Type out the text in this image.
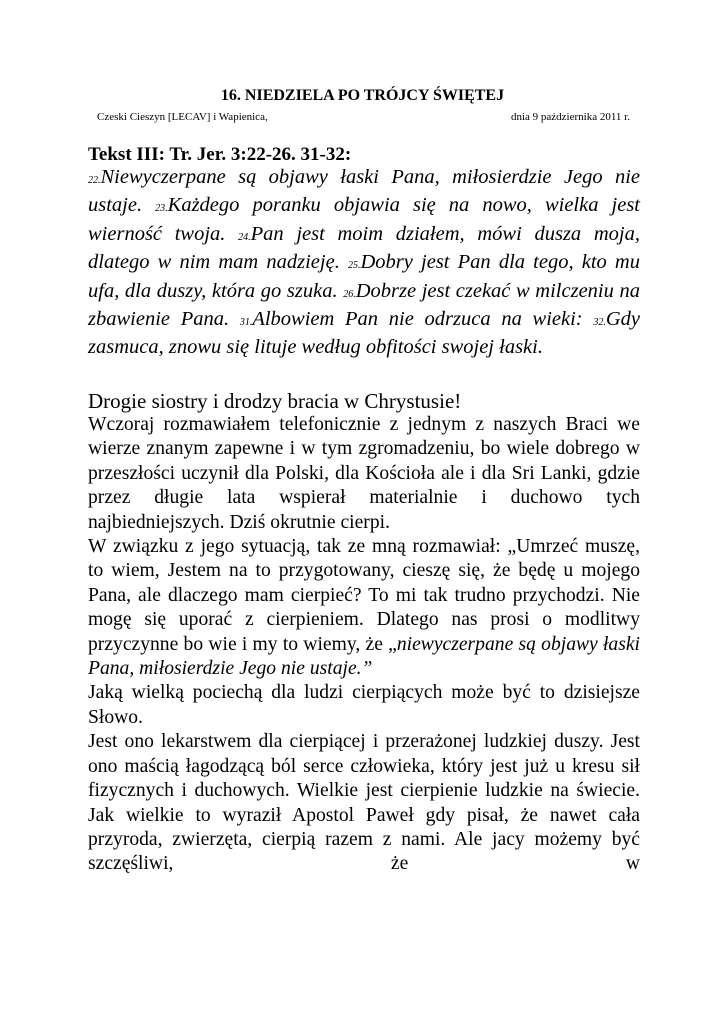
16. NIEDZIELA PO TRÓJCY ŚWIĘTEJ
Czeski Cieszyn [LECAV] i Wapienica,	dnia 9 października 2011 r.
Tekst III: Tr. Jer. 3:22-26. 31-32:
22.Niewyczerpane są objawy łaski Pana, miłosierdzie Jego nie ustaje. 23.Każdego poranku objawia się na nowo, wielka jest wierność twoja. 24.Pan jest moim działem, mówi dusza moja, dlatego w nim mam nadzieję. 25.Dobry jest Pan dla tego, kto mu ufa, dla duszy, która go szuka. 26.Dobrze jest czekać w milczeniu na zbawienie Pana. 31.Albowiem Pan nie odrzuca na wieki: 32.Gdy zasmuca, znowu się lituje według obfitości swojej łaski.
Drogie siostry i drodzy bracia w Chrystusie!

Wczoraj rozmawiałem telefonicznie z jednym z naszych Braci we wierze znanym zapewne i w tym zgromadzeniu, bo wiele dobrego w przeszłości uczynił dla Polski, dla Kościoła ale i dla Sri Lanki, gdzie przez długie lata wspierał materialnie i duchowo tych najbiedniejszych. Dziś okrutnie cierpi.

W związku z jego sytuacją, tak ze mną rozmawiał: „Umrzeć muszę, to wiem, Jestem na to przygotowany, cieszę się, że będę u mojego Pana, ale dlaczego mam cierpieć? To mi tak trudno przychodzi. Nie mogę się uporać z cierpieniem. Dlatego nas prosi o modlitwy przyczynne bo wie i my to wiemy, że „niewyczerpane są objawy łaski Pana, miłosierdzie Jego nie ustaje.”

Jaką wielką pociechą dla ludzi cierpiących może być to dzisiejsze Słowo.

Jest ono lekarstwem dla cierpiącej i przerażonej ludzkiej duszy. Jest ono maścią łagodzącą ból serce człowieka, który jest już u kresu sił fizycznych i duchowych. Wielkie jest cierpienie ludzkie na świecie. Jak wielkie to wyraził Apostol Paweł gdy pisał, że nawet cała przyroda, zwierzęta, cierpią razem z nami. Ale jacy możemy być szczęśliwi, że w
